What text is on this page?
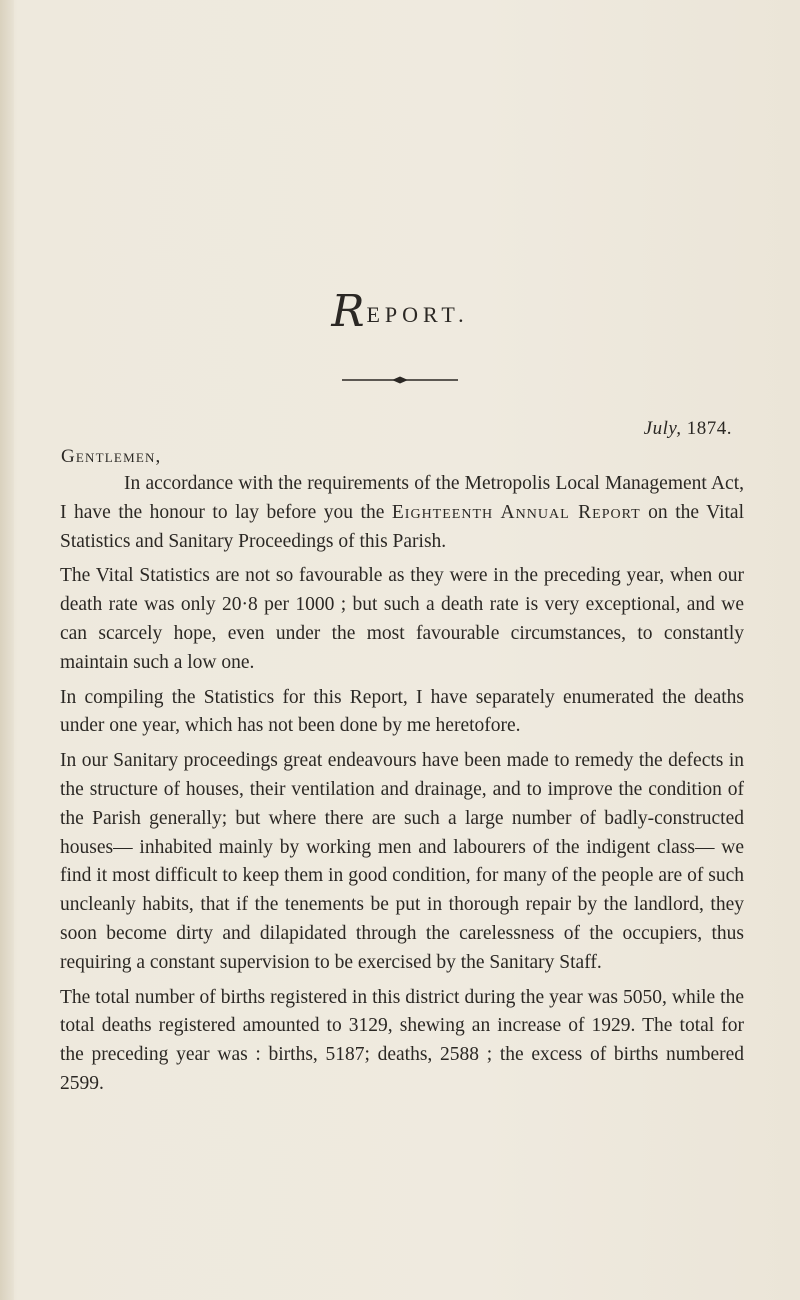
REPORT.
July, 1874.
Gentlemen,

In accordance with the requirements of the Metropolis Local Management Act, I have the honour to lay before you the Eighteenth Annual Report on the Vital Statistics and Sanitary Proceedings of this Parish.

The Vital Statistics are not so favourable as they were in the preceding year, when our death rate was only 20·8 per 1000 ; but such a death rate is very exceptional, and we can scarcely hope, even under the most favourable circumstances, to constantly maintain such a low one.

In compiling the Statistics for this Report, I have separately enumerated the deaths under one year, which has not been done by me heretofore.

In our Sanitary proceedings great endeavours have been made to remedy the defects in the structure of houses, their ventilation and drainage, and to improve the condition of the Parish generally; but where there are such a large number of badly-constructed houses— inhabited mainly by working men and labourers of the indigent class— we find it most difficult to keep them in good condition, for many of the people are of such uncleanly habits, that if the tenements be put in thorough repair by the landlord, they soon become dirty and dilapidated through the carelessness of the occupiers, thus requiring a constant supervision to be exercised by the Sanitary Staff.

The total number of births registered in this district during the year was 5050, while the total deaths registered amounted to 3129, shewing an increase of 1929. The total for the preceding year was : births, 5187; deaths, 2588 ; the excess of births numbered 2599.
